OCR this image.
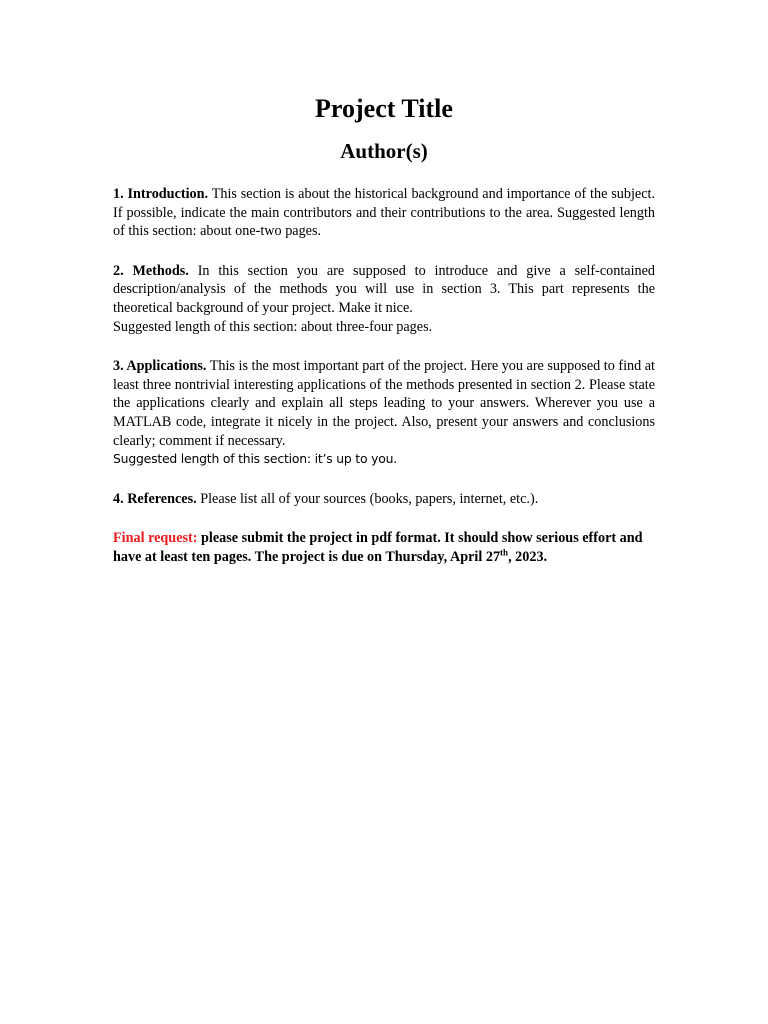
Project Title
Author(s)

1. Introduction. This section is about the historical background and importance of the subject. If possible, indicate the main contributors and their contributions to the area. Suggested length of this section: about one-two pages.

2. Methods. In this section you are supposed to introduce and give a self-contained description/analysis of the methods you will use in section 3. This part represents the theoretical background of your project. Make it nice.
Suggested length of this section: about three-four pages.

3. Applications. This is the most important part of the project. Here you are supposed to find at least three nontrivial interesting applications of the methods presented in section 2. Please state the applications clearly and explain all steps leading to your answers. Wherever you use a MATLAB code, integrate it nicely in the project. Also, present your answers and conclusions clearly; comment if necessary.
Suggested length of this section: it’s up to you.

4. References. Please list all of your sources (books, papers, internet, etc.).

Final request: please submit the project in pdf format. It should show serious effort and have at least ten pages. The project is due on Thursday, April 27th, 2023.
